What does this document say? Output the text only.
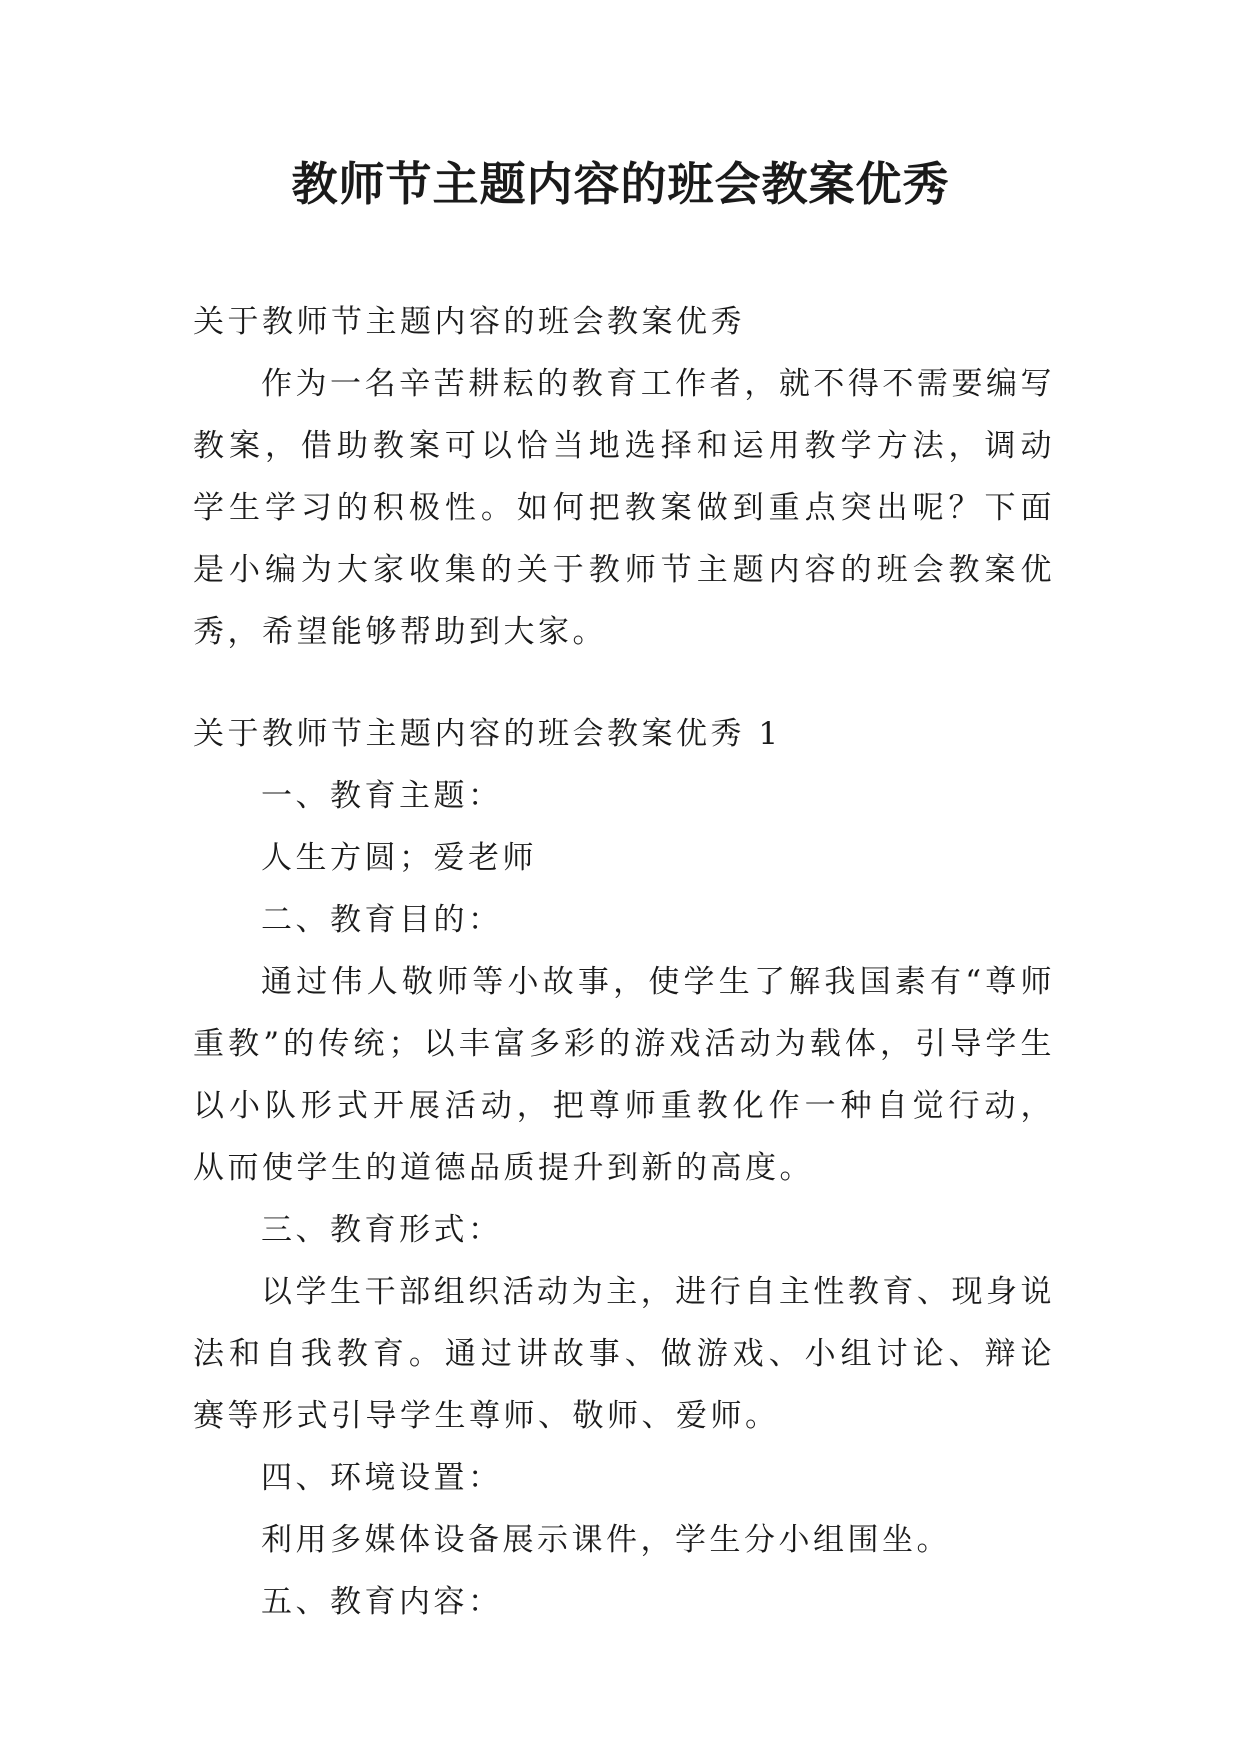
教师节主题内容的班会教案优秀

关于教师节主题内容的班会教案优秀

作为一名辛苦耕耘的教育工作者，就不得不需要编写教案，借助教案可以恰当地选择和运用教学方法，调动学生学习的积极性。如何把教案做到重点突出呢？下面是小编为大家收集的关于教师节主题内容的班会教案优秀，希望能够帮助到大家。

关于教师节主题内容的班会教案优秀 1

一、教育主题：

人生方圆；爱老师

二、教育目的：

通过伟人敬师等小故事，使学生了解我国素有“尊师重教”的传统；以丰富多彩的游戏活动为载体，引导学生以小队形式开展活动，把尊师重教化作一种自觉行动，从而使学生的道德品质提升到新的高度。

三、教育形式：

以学生干部组织活动为主，进行自主性教育、现身说法和自我教育。通过讲故事、做游戏、小组讨论、辩论赛等形式引导学生尊师、敬师、爱师。

四、环境设置：

利用多媒体设备展示课件，学生分小组围坐。

五、教育内容：
